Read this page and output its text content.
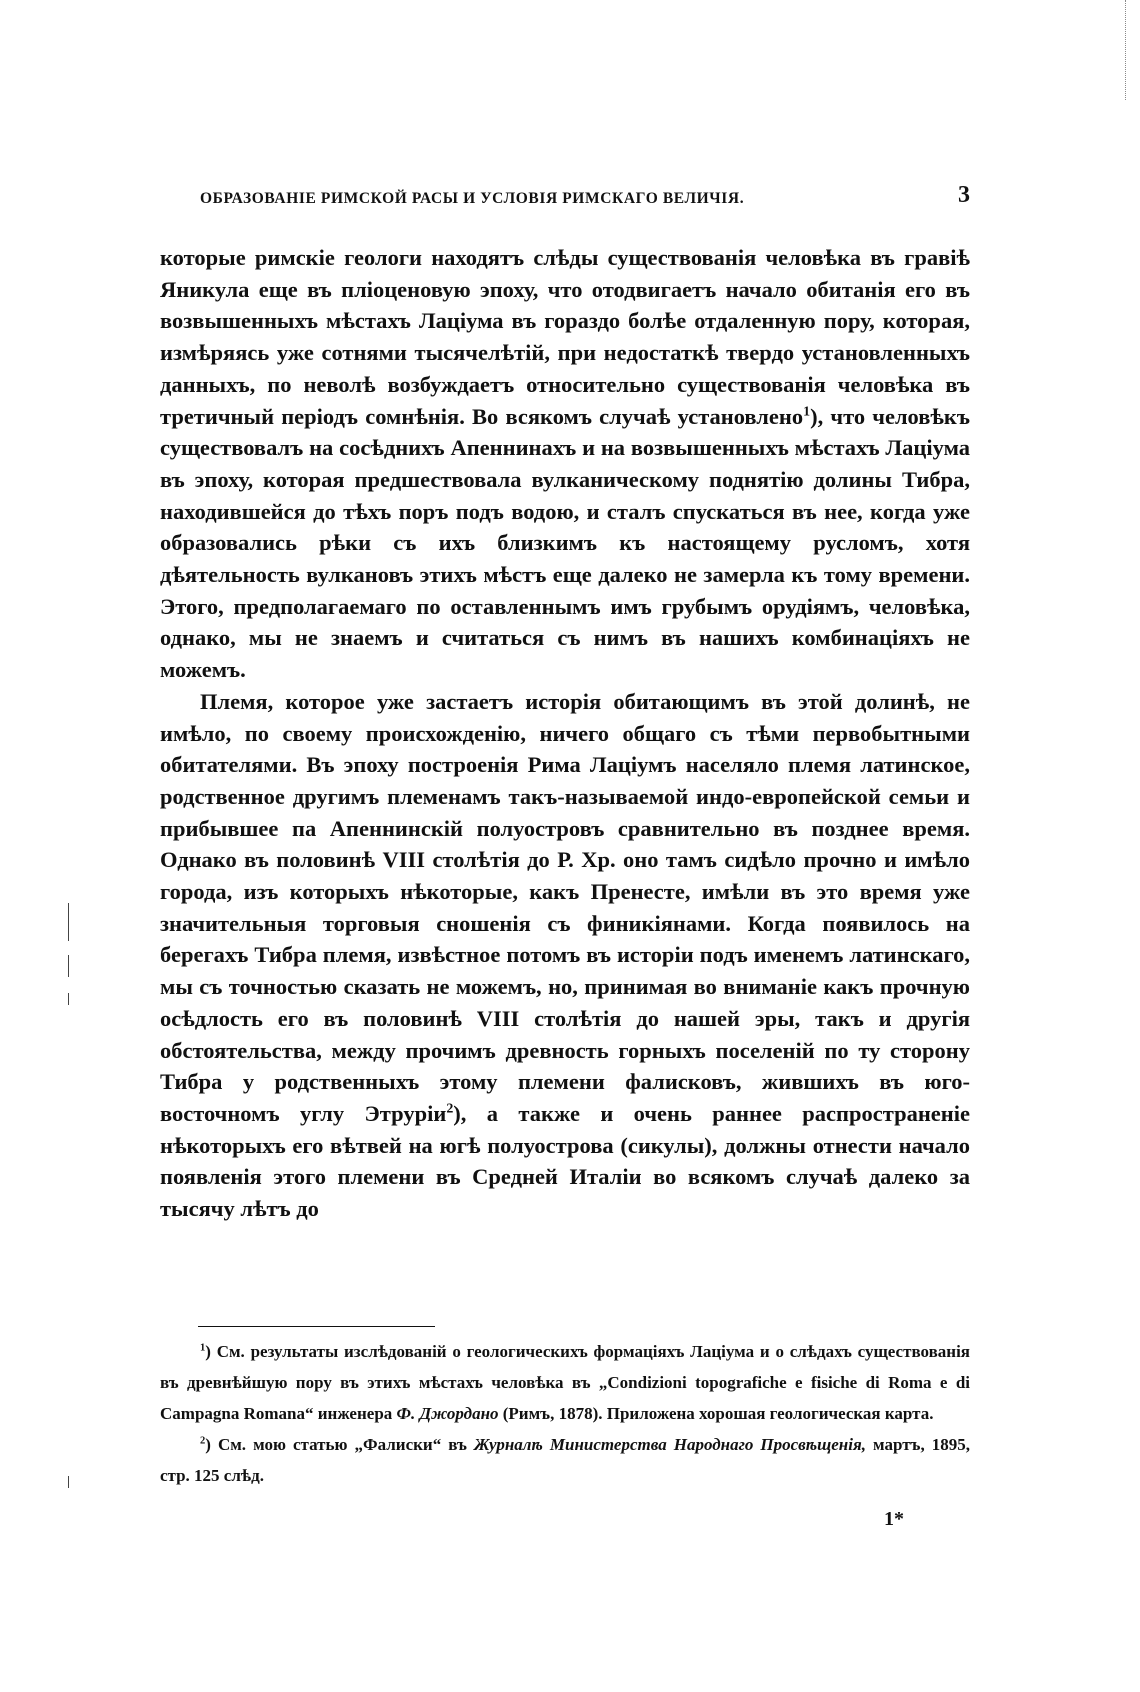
ОБРАЗОВАНІЕ РИМСКОЙ РАСЫ И УСЛОВІЯ РИМСКАГО ВЕЛИЧІЯ.	3

которые римскіе геологи находятъ слѣды существованія человѣка въ гравіѣ Яникула еще въ пліоценовую эпоху, что отодвигаетъ начало обитанія его въ возвышенныхъ мѣстахъ Лаціума въ гораздо болѣе отдаленную пору, которая, измѣряясь уже сотнями тысячелѣтій, при недостаткѣ твердо установленныхъ данныхъ, по неволѣ возбуждаетъ относительно существованія человѣка въ третичный періодъ сомнѣнія. Во всякомъ случаѣ установлено$^1$), что человѣкъ существовалъ на сосѣднихъ Апеннинахъ и на возвышенныхъ мѣстахъ Лаціума въ эпоху, которая предшествовала вулканическому поднятію долины Тибра, находившейся до тѣхъ поръ подъ водою, и сталъ спускаться въ нее, когда уже образовались рѣки съ ихъ близкимъ къ настоящему русломъ, хотя дѣятельность вулкановъ этихъ мѣстъ еще далеко не замерла къ тому времени. Этого, предполагаемаго по оставленнымъ имъ грубымъ орудіямъ, человѣка, однако, мы не знаемъ и считаться съ нимъ въ нашихъ комбинаціяхъ не можемъ.

Племя, которое уже застаетъ исторія обитающимъ въ этой долинѣ, не имѣло, по своему происхожденію, ничего общаго съ тѣми первобытными обитателями. Въ эпоху построенія Рима Лаціумъ населяло племя латинское, родственное другимъ племенамъ такъ-называемой индо-европейской семьи и прибывшее па Апеннинскій полуостровъ сравнительно въ позднее время. Однако въ половинѣ VIII столѣтія до Р. Хр. оно тамъ сидѣло прочно и имѣло города, изъ которыхъ нѣкоторые, какъ Пренесте, имѣли въ это время уже значительныя торговыя сношенія съ финикіянами. Когда появилось на берегахъ Тибра племя, извѣстное потомъ въ исторіи подъ именемъ латинскаго, мы съ точностью сказать не можемъ, но, принимая во вниманіе какъ прочную осѣдлость его въ половинѣ VIII столѣтія до нашей эры, такъ и другія обстоятельства, между прочимъ древность горныхъ поселеній по ту сторону Тибра у родственныхъ этому племени фалисковъ, жившихъ въ юго-восточномъ углу Этруріи$^2$), а также и очень раннее распространеніе нѣкоторыхъ его вѣтвей на югѣ полуострова (сикулы), должны отнести начало появленія этого племени въ Средней Италіи во всякомъ случаѣ далеко за тысячу лѣтъ до

$^1$) См. результаты изслѣдованій о геологическихъ формаціяхъ Лаціума и о слѣдахъ существованія въ древнѣйшую пору въ этихъ мѣстахъ человѣка въ „Condizioni topografiche e fisiche di Roma e di Campagna Romana“ инженера Ф. Джордано (Римъ, 1878). Приложена хорошая геологическая карта.

$^2$) См. мою статью „Фалиски“ въ Журналѣ Министерства Народнаго Просвѣщенія, мартъ, 1895, стр. 125 слѣд.

1*
